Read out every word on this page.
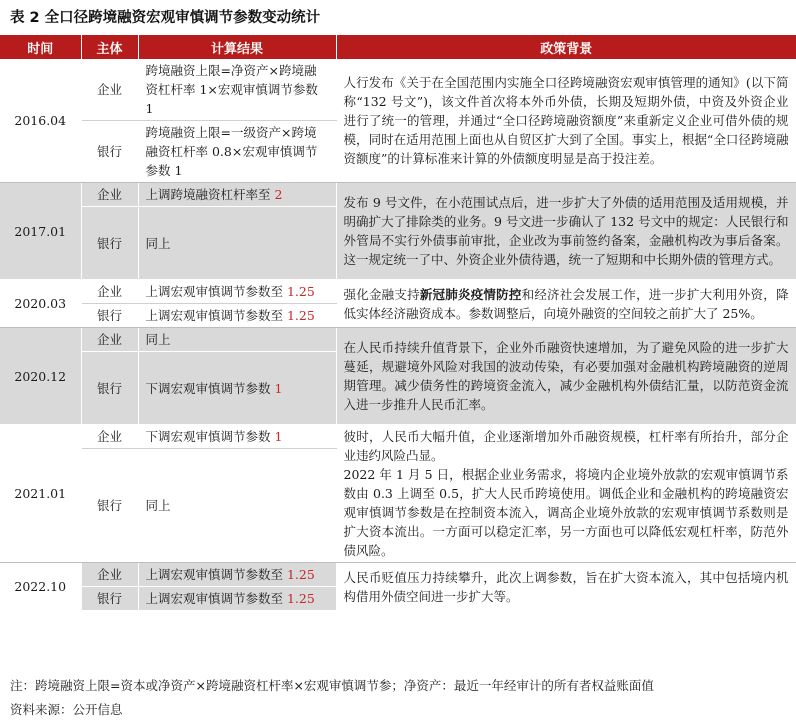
表 2 全口径跨境融资宏观审慎调节参数变动统计
时间	主体	计算结果	政策背景
2016.04	企业	跨境融资上限=净资产×跨境融资杠杆率 1×宏观审慎调节参数 1	人行发布《关于在全国范围内实施全口径跨境融资宏观审慎管理的通知》(以下简称“132 号文”)，该文件首次将本外币外债，长期及短期外债，中资及外资企业进行了统一的管理，并通过“全口径跨境融资额度”来重新定义企业可借外债的规模，同时在适用范围上面也从自贸区扩大到了全国。事实上，根据“全口径跨境融资额度”的计算标准来计算的外债额度明显是高于投注差。
	银行	跨境融资上限=一级资产×跨境融资杠杆率 0.8×宏观审慎调节参数 1	
2017.01	企业	上调跨境融资杠杆率至 2	发布 9 号文件，在小范围试点后，进一步扩大了外债的适用范围及适用规模，并明确扩大了排除类的业务。9 号文进一步确认了 132 号文中的规定：人民银行和外管局不实行外债事前审批，企业改为事前签约备案，金融机构改为事后备案。这一规定统一了中、外资企业外债待遇，统一了短期和中长期外债的管理方式。
	银行	同上	
2020.03	企业	上调宏观审慎调节参数至 1.25	强化金融支持新冠肺炎疫情防控和经济社会发展工作，进一步扩大利用外资，降低实体经济融资成本。参数调整后，向境外融资的空间较之前扩大了 25%。
	银行	上调宏观审慎调节参数至 1.25	
2020.12	企业	同上	在人民币持续升值背景下，企业外币融资快速增加，为了避免风险的进一步扩大蔓延，规避境外风险对我国的波动传染，有必要加强对金融机构跨境融资的逆周期管理。减少债务性的跨境资金流入，减少金融机构外债结汇量，以防范资金流入进一步推升人民币汇率。
	银行	下调宏观审慎调节参数 1	
2021.01	企业	下调宏观审慎调节参数 1	彼时，人民币大幅升值，企业逐渐增加外币融资规模，杠杆率有所抬升，部分企业违约风险凸显。
2022 年 1 月 5 日，根据企业业务需求，将境内企业境外放款的宏观审慎调节系数由 0.3 上调至 0.5，扩大人民币跨境使用。调低企业和金融机构的跨境融资宏观审慎调节参数是在控制资本流入，调高企业境外放款的宏观审慎调节系数则是扩大资本流出。一方面可以稳定汇率，另一方面也可以降低宏观杠杆率，防范外债风险。

	银行	同上	
2022.10	企业	上调宏观审慎调节参数至 1.25	人民币贬值压力持续攀升，此次上调参数，旨在扩大资本流入，其中包括境内机构借用外债空间进一步扩大等。
	银行	上调宏观审慎调节参数至 1.25	
注：跨境融资上限=资本或净资产×跨境融资杠杆率×宏观审慎调节参；净资产：最近一年经审计的所有者权益账面值
资料来源：公开信息
